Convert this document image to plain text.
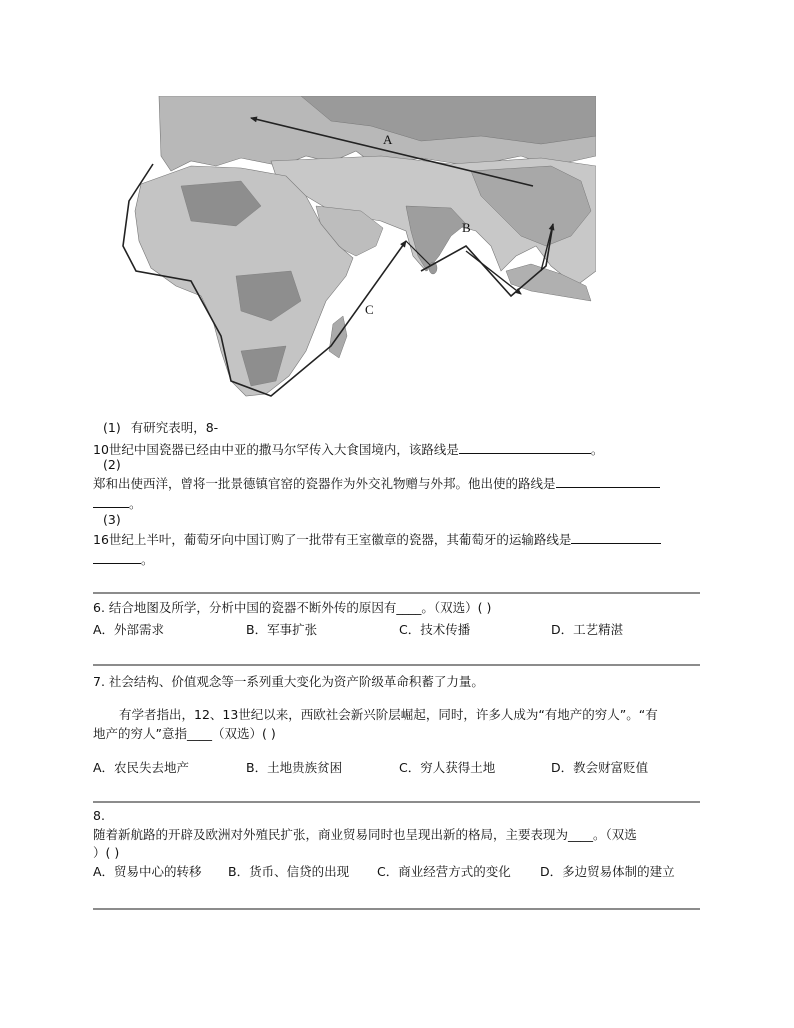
A
B
C
(1) 有研究表明，8-
10世纪中国瓷器已经由中亚的撒马尔罕传入大食国境内，该路线是	。
(2)
郑和出使西洋，曾将一批景德镇官窑的瓷器作为外交礼物赠与外邦。他出使的路线是
。
(3)
16世纪上半叶，葡萄牙向中国订购了一批带有王室徽章的瓷器，其葡萄牙的运输路线是
。
6. 结合地图及所学，分析中国的瓷器不断外传的原因有____。（双选）( )
A．外部需求	B．军事扩张	C．技术传播	D．工艺精湛
7. 社会结构、价值观念等一系列重大变化为资产阶级革命积蓄了力量。
有学者指出，12、13世纪以来，西欧社会新兴阶层崛起，同时，许多人成为“有地产的穷人”。“有
地产的穷人”意指____（双选）( )
A．农民失去地产	B．土地贵族贫困	C．穷人获得土地	D．教会财富贬值
8.
随着新航路的开辟及欧洲对外殖民扩张，商业贸易同时也呈现出新的格局，主要表现为____。（双选
）( )
A．贸易中心的转移 B．货币、信贷的出现 C．商业经营方式的变化 D．多边贸易体制的建立
